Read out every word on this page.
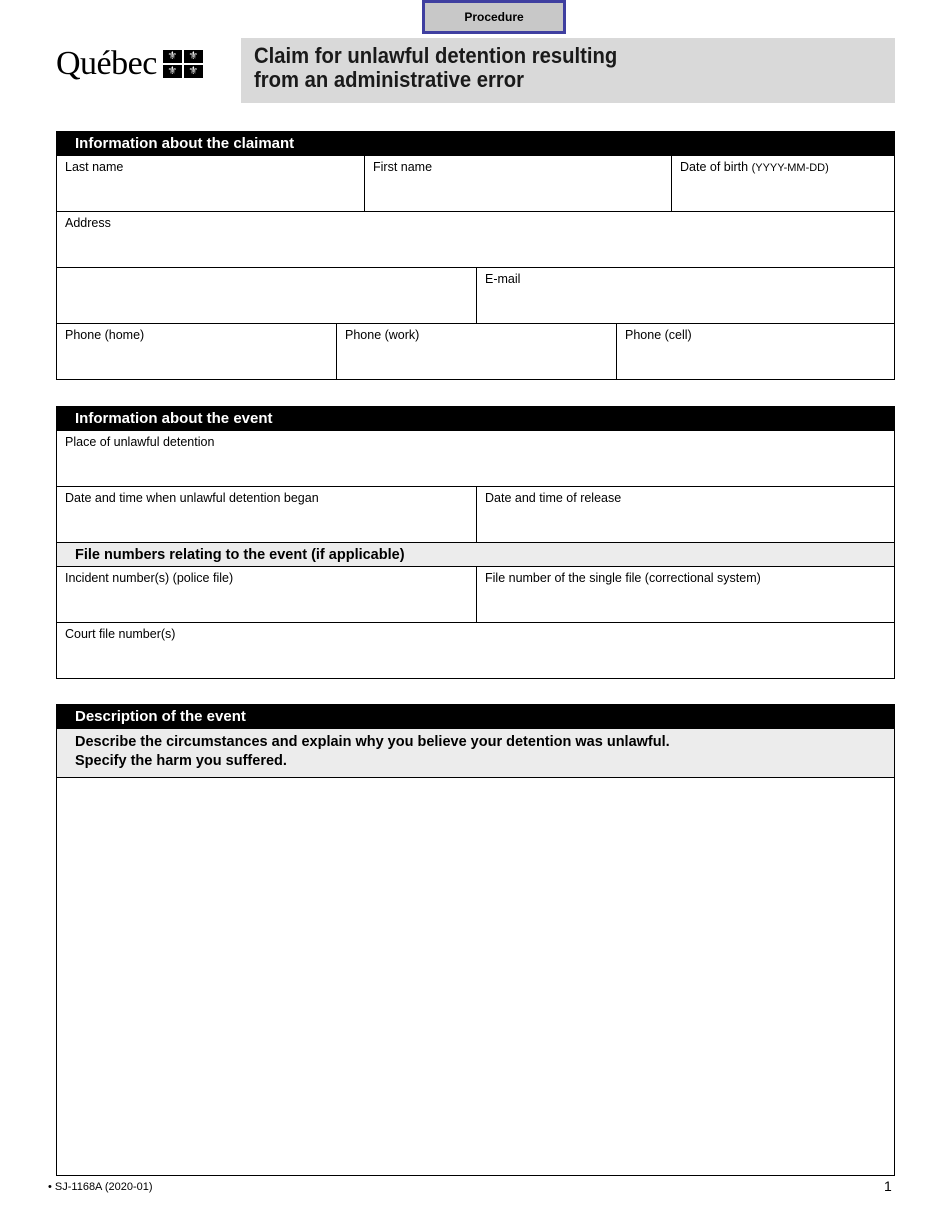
Procedure
Québec ⚜ ⚜
⚜
⚜	Claim for unlawful detention resulting
from an administrative error
Information about the claimant
Last name	First name	Date of birth (YYYY-MM-DD)
Address
E-mail
Phone (home)	Phone (work)	Phone (cell)
Information about the event
Place of unlawful detention
Date and time when unlawful detention began	Date and time of release
File numbers relating to the event (if applicable)
Incident number(s) (police file)	File number of the single file (correctional system)
Court file number(s)
Description of the event
Describe the circumstances and explain why you believe your detention was unlawful.
Specify the harm you suffered.
• SJ-1168A (2020-01)	1
